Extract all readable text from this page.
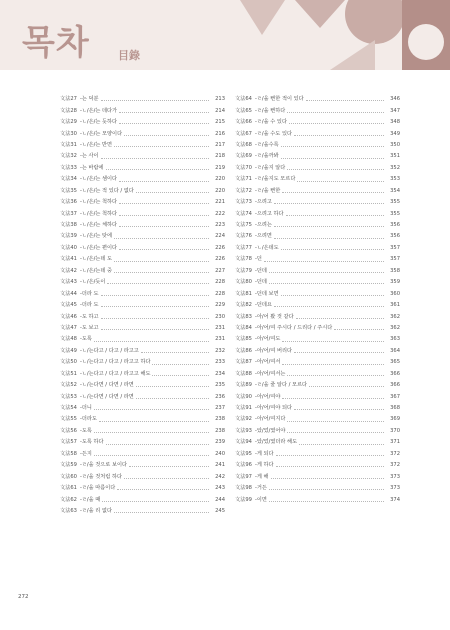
목차	目錄
文法27 -는 덕분	213
文法28 -ㄴ/은/는 데다가	214
文法29 -ㄴ/은/는 듯하다	215
文法30 -ㄴ/은/는 모양이다	216
文法31 -ㄴ/은/는 반면	217
文法32 -는 사이	218
文法33 -는 바람에	219
文法34 -ㄴ/은/는 셈이다	220
文法35 -ㄴ/은/는 적 있다 / 없다	220
文法36 -ㄴ/은/는 척하다	221
文法37 -ㄴ/은/는 척하다	222
文法38 -ㄴ/은/는 체하다	223
文法39 -ㄴ/은/는 탓에	224
文法40 -ㄴ/은/는 편이다	226
文法41 -ㄴ/은/는데 도	226
文法42 -ㄴ/은/는데 중	227
文法43 -ㄴ/은/듯이	228
文法44 -더라 도	228
文法45 -더라 도	229
文法46 -도 하고	230
文法47 -도 보고	231
文法48 -도록	231
文法49 -ㄴ/는다고 / 다고 / 라고고	232
文法50 -ㄴ/는다고 / 다고 / 라고고 하다	233
文法51 -ㄴ/는다고 / 다고 / 라고고 해도	234
文法52 -ㄴ/는다면 / 다면 / 라면	235
文法53 -ㄴ/는다면 / 다면 / 라면	236
文法54 -더니	237
文法55 -더라도	238
文法56 -도록	238
文法57 -도록 하다	239
文法58 -든지	240
文法59 -ㄹ/을 것으로 보이다	241
文法60 -ㄹ/을 것처럼 하다	242
文法61 -ㄹ/을 따름이다	243
文法62 -ㄹ/을 때	244
文法63 -ㄹ/을 리 없다	245
文法64 -ㄹ/을 뻔한 적이 있다	346
文法65 -ㄹ/을 뻔하다	347
文法66 -ㄹ/을 수 있다	348
文法67 -ㄹ/을 수도 있다	349
文法68 -ㄹ/을수록	350
文法69 -ㄹ/을까봐	351
文法70 -ㄹ/을지 알다	352
文法71 -ㄹ/을지도 모르다	353
文法72 -ㄹ/을 뻔한	354
文法73 -으려고	355
文法74 -으려고 하다	355
文法75 -으려는	356
文法76 -으려면	356
文法77 -ㄴ/은데도	357
文法78 -던	357
文法79 -던데	358
文法80 -던데	359
文法81 -던데 보면	360
文法82 -던데요	361
文法83 -아/어 봤 것 같다	362
文法84 -아/어/여 주시다 / 드리다 / 주시다	362
文法85 -아/어/여도	363
文法86 -아/어/여 버리다	364
文法87 -아/어/여서	365
文法88 -아/어/여서는	366
文法89 -ㄹ/을 줄 알다 / 모르다	366
文法90 -아/어/여야	367
文法91 -아/어/여야 되다	368
文法92 -아/어/여지다	369
文法93 -았/었/였어야	370
文法94 -았/었/였더라 해도	371
文法95 -게 되다	372
文法96 -게 하다	372
文法97 -게 해	373
文法98 -거든	373
文法99 -이면	374
272
